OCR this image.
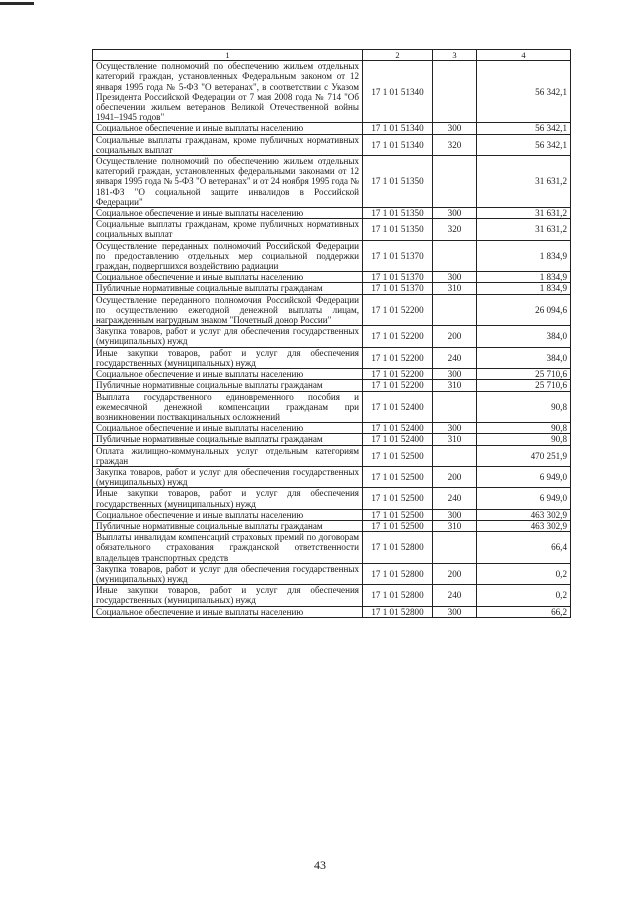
1	2	3	4
Осуществление полномочий по обеспечению жильем отдельных категорий граждан, установленных Федеральным законом от 12 января 1995 года № 5-ФЗ "О ветеранах", в соответствии с Указом Президента Российской Федерации от 7 мая 2008 года № 714 "Об обеспечении жильем ветеранов Великой Отечественной войны 1941–1945 годов"	17 1 01 51340		56 342,1
Социальное обеспечение и иные выплаты населению	17 1 01 51340	300	56 342,1
Социальные выплаты гражданам, кроме публичных нормативных социальных выплат	17 1 01 51340	320	56 342,1
Осуществление полномочий по обеспечению жильем отдельных категорий граждан, установленных федеральными законами от 12 января 1995 года № 5-ФЗ "О ветеранах" и от 24 ноября 1995 года № 181-ФЗ "О социальной защите инвалидов в Российской Федерации"	17 1 01 51350		31 631,2
Социальное обеспечение и иные выплаты населению	17 1 01 51350	300	31 631,2
Социальные выплаты гражданам, кроме публичных нормативных социальных выплат	17 1 01 51350	320	31 631,2
Осуществление переданных полномочий Российской Федерации по предоставлению отдельных мер социальной поддержки граждан, подвергшихся воздействию радиации	17 1 01 51370		1 834,9
Социальное обеспечение и иные выплаты населению	17 1 01 51370	300	1 834,9
Публичные нормативные социальные выплаты гражданам	17 1 01 51370	310	1 834,9
Осуществление переданного полномочия Российской Федерации по осуществлению ежегодной денежной выплаты лицам, награжденным нагрудным знаком "Почетный донор России"	17 1 01 52200		26 094,6
Закупка товаров, работ и услуг для обеспечения государственных (муниципальных) нужд	17 1 01 52200	200	384,0
Иные закупки товаров, работ и услуг для обеспечения государственных (муниципальных) нужд	17 1 01 52200	240	384,0
Социальное обеспечение и иные выплаты населению	17 1 01 52200	300	25 710,6
Публичные нормативные социальные выплаты гражданам	17 1 01 52200	310	25 710,6
Выплата государственного единовременного пособия и ежемесячной денежной компенсации гражданам при возникновении поствакцинальных осложнений	17 1 01 52400		90,8
Социальное обеспечение и иные выплаты населению	17 1 01 52400	300	90,8
Публичные нормативные социальные выплаты гражданам	17 1 01 52400	310	90,8
Оплата жилищно-коммунальных услуг отдельным категориям граждан	17 1 01 52500		470 251,9
Закупка товаров, работ и услуг для обеспечения государственных (муниципальных) нужд	17 1 01 52500	200	6 949,0
Иные закупки товаров, работ и услуг для обеспечения государственных (муниципальных) нужд	17 1 01 52500	240	6 949,0
Социальное обеспечение и иные выплаты населению	17 1 01 52500	300	463 302,9
Публичные нормативные социальные выплаты гражданам	17 1 01 52500	310	463 302,9
Выплаты инвалидам компенсаций страховых премий по договорам обязательного страхования гражданской ответственности владельцев транспортных средств	17 1 01 52800		66,4
Закупка товаров, работ и услуг для обеспечения государственных (муниципальных) нужд	17 1 01 52800	200	0,2
Иные закупки товаров, работ и услуг для обеспечения государственных (муниципальных) нужд	17 1 01 52800	240	0,2
Социальное обеспечение и иные выплаты населению	17 1 01 52800	300	66,2
43
